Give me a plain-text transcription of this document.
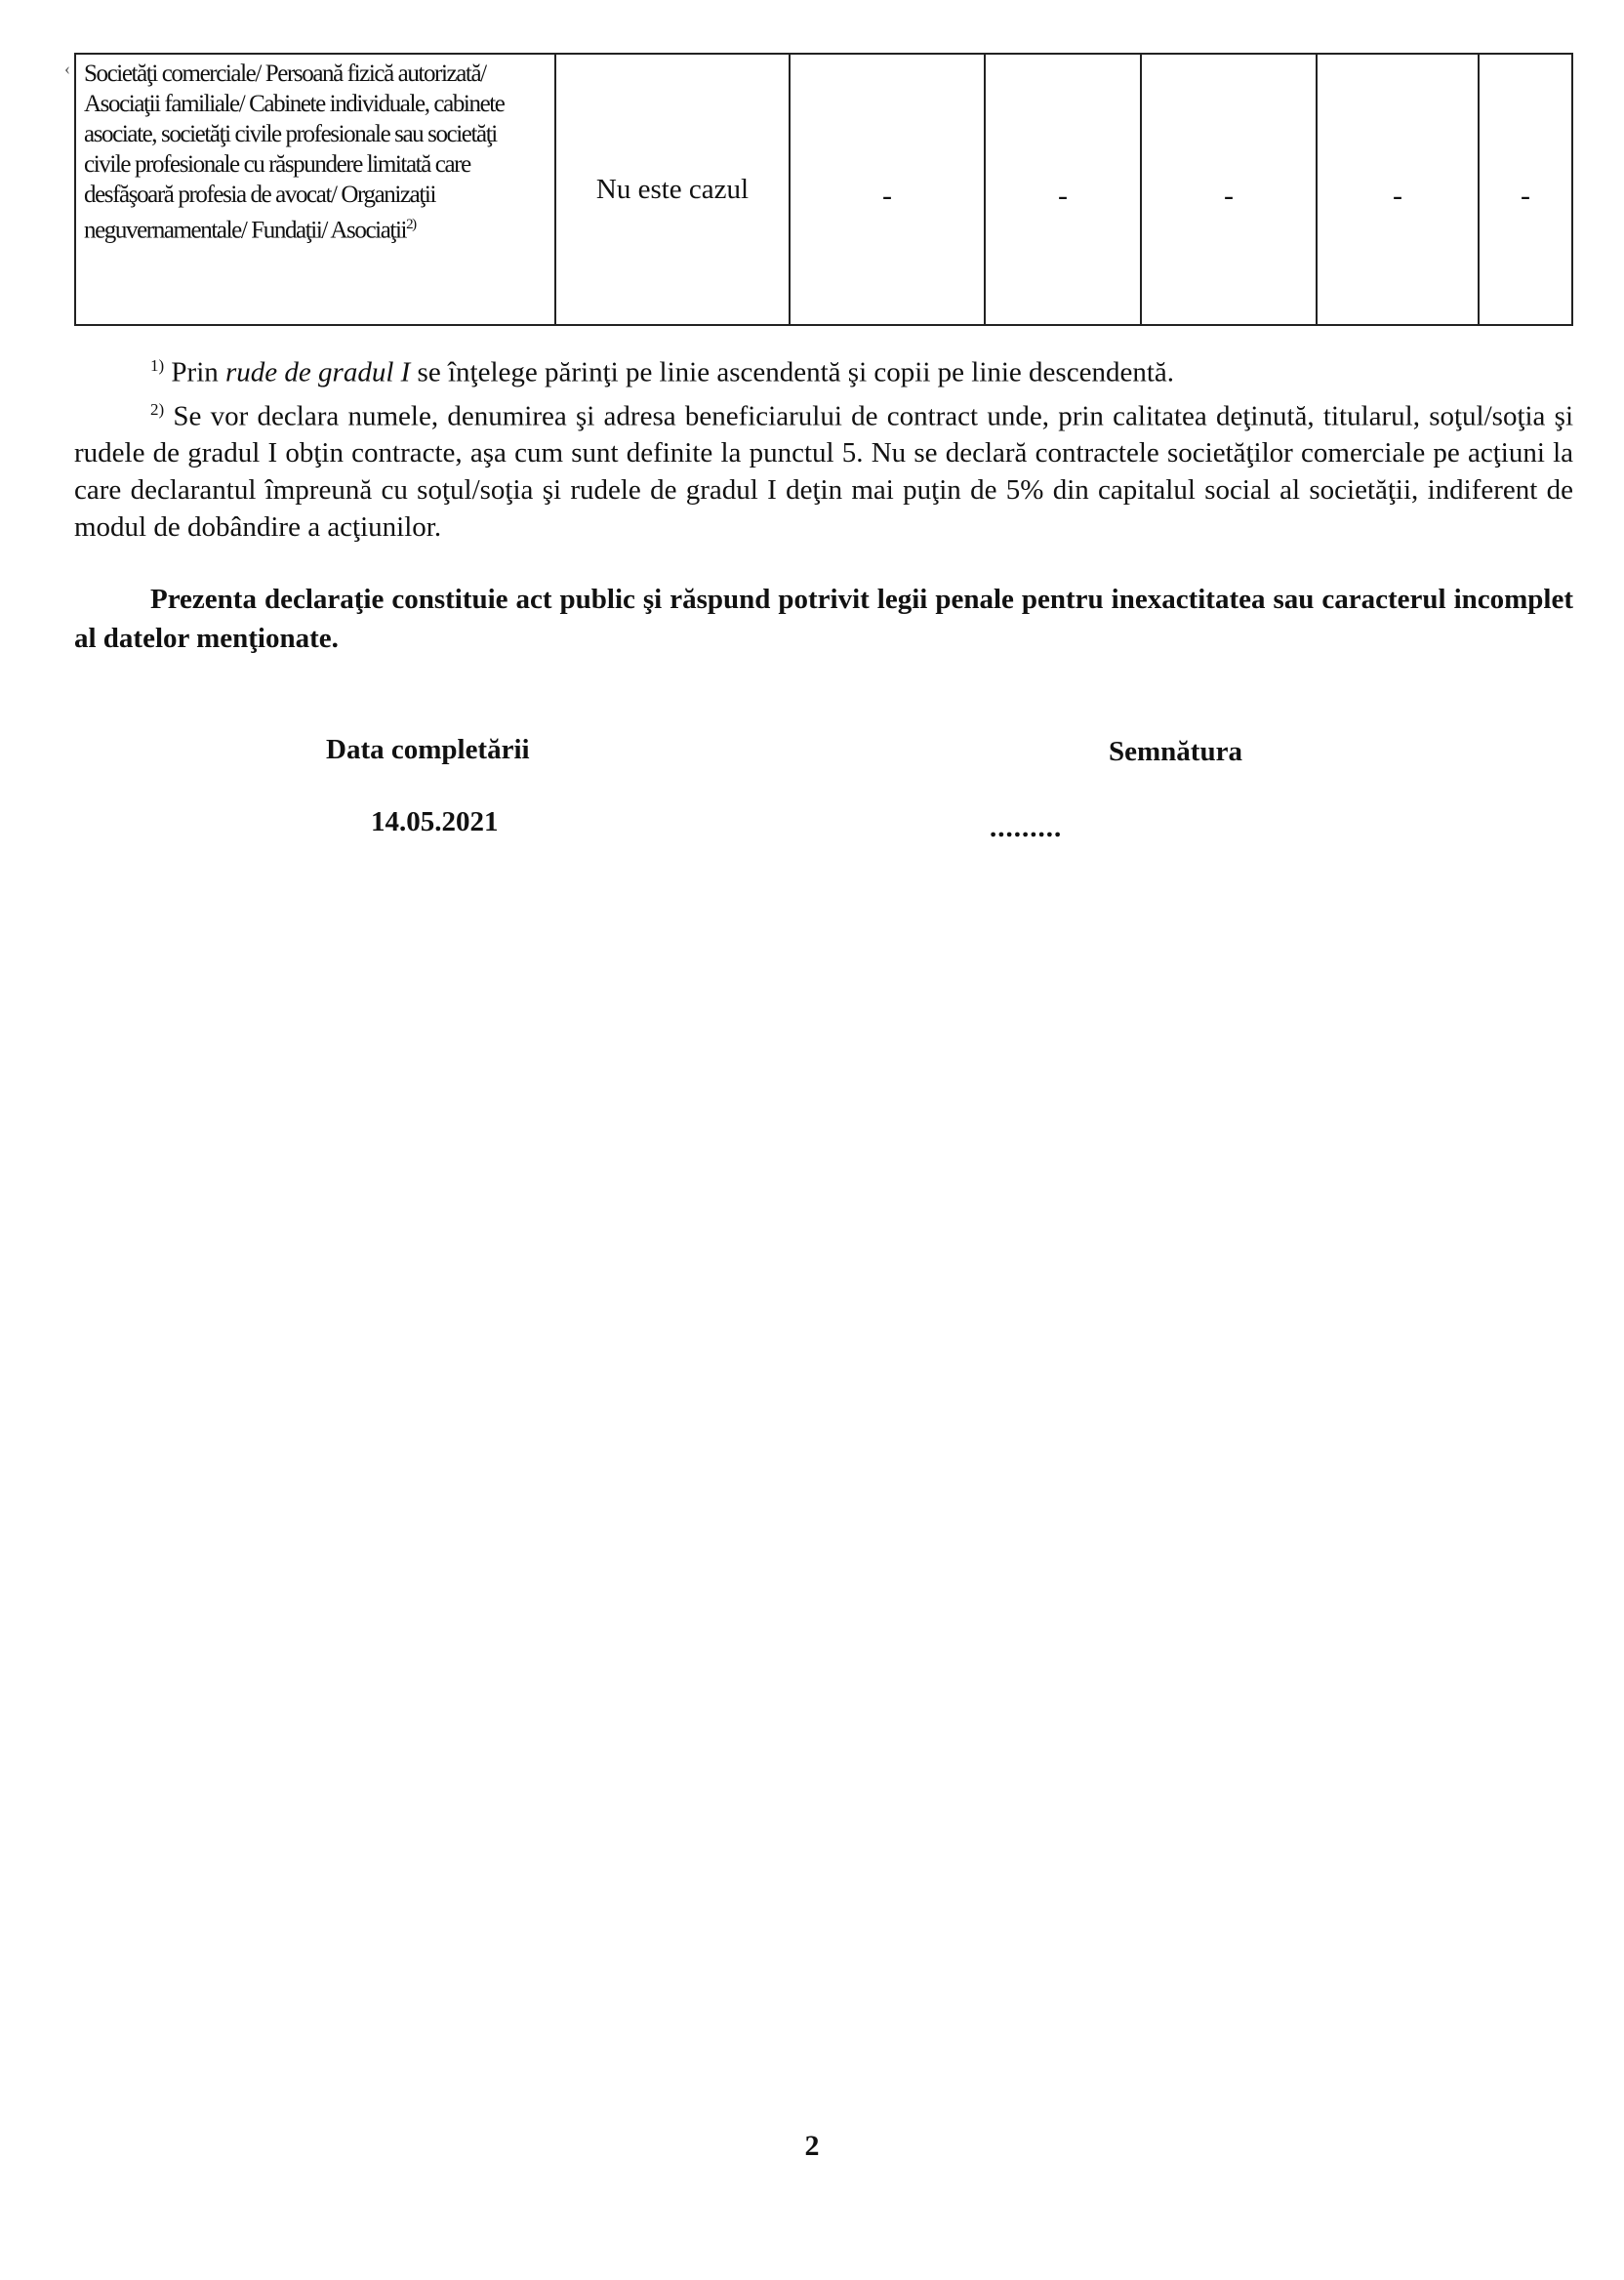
‹ Societăţi comerciale/ Persoană fizică autorizată/ Asociaţii familiale/ Cabinete individuale, cabinete asociate, societăţi civile profesionale sau societăţi civile profesionale cu răspundere limitată care desfăşoară profesia de avocat/ Organizaţii neguvernamentale/ Fundaţii/ Asociaţii$^{2)}$	Nu este cazul	-	-	-	-	-

$^{1)}$ Prin rude de gradul I se înţelege părinţi pe linie ascendentă şi copii pe linie descendentă.

$^{2)}$ Se vor declara numele, denumirea şi adresa beneficiarului de contract unde, prin calitatea deţinută, titularul, soţul/soţia şi rudele de gradul I obţin contracte, aşa cum sunt definite la punctul 5. Nu se declară contractele societăţilor comerciale pe acţiuni la care declarantul împreună cu soţul/soţia şi rudele de gradul I deţin mai puţin de 5% din capitalul social al societăţii, indiferent de modul de dobândire a acţiunilor.

Prezenta declaraţie constituie act public şi răspund potrivit legii penale pentru inexactitatea sau caracterul incomplet al datelor menţionate.

Data completării
14.05.2021
Semnătura
.........
2
